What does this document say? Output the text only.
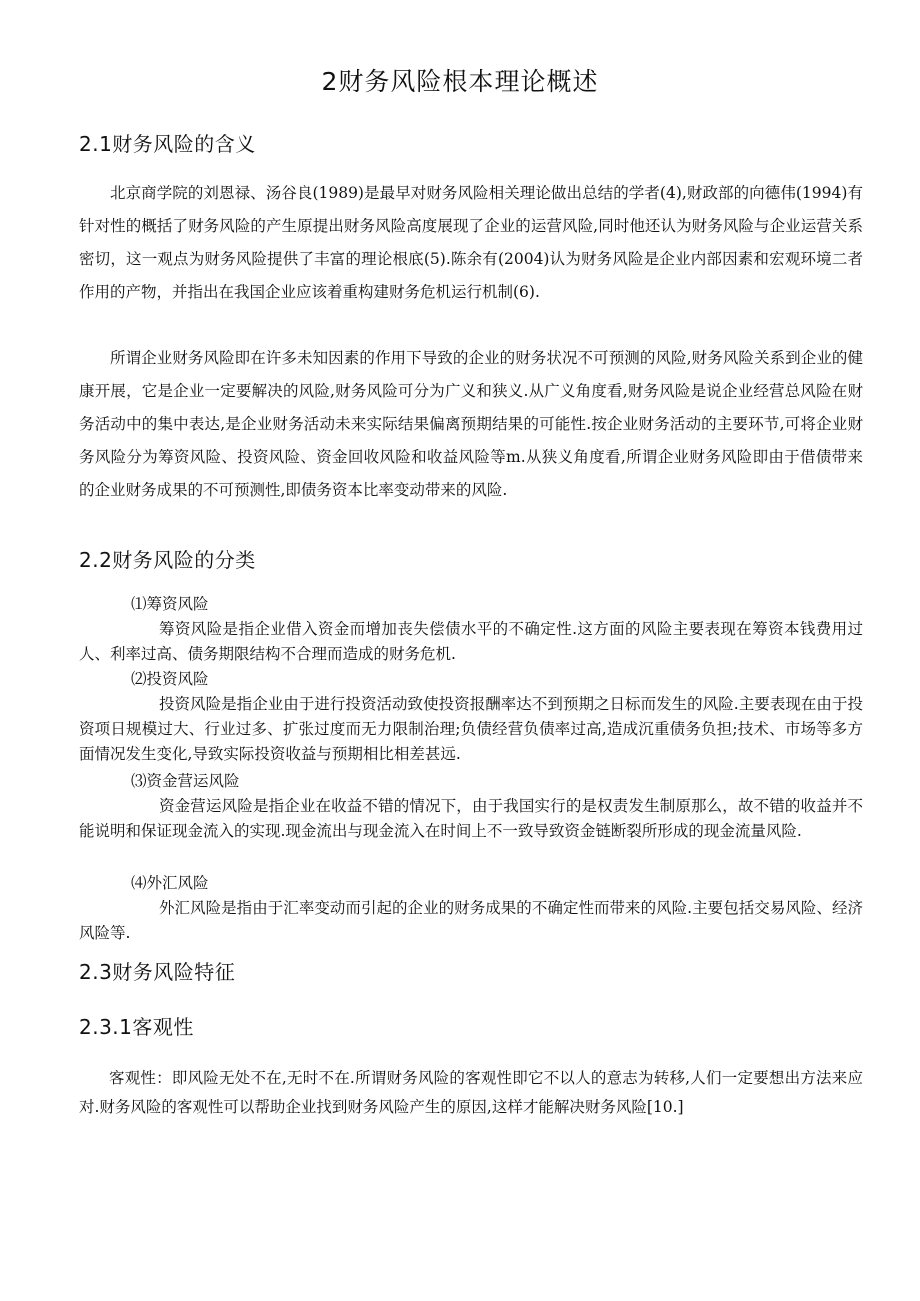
2财务风险根本理论概述
2.1财务风险的含义

北京商学院的刘恩禄、汤谷良(1989)是最早对财务风险相关理论做出总结的学者(4),财政部的向德伟(1994)有针对性的概括了财务风险的产生原提出财务风险高度展现了企业的运营风险,同时他还认为财务风险与企业运营关系密切，这一观点为财务风险提供了丰富的理论根底(5).陈余有(2004)认为财务风险是企业内部因素和宏观环境二者作用的产物，并指出在我国企业应该着重构建财务危机运行机制(6).

所谓企业财务风险即在许多未知因素的作用下导致的企业的财务状况不可预测的风险,财务风险关系到企业的健康开展，它是企业一定要解决的风险,财务风险可分为广义和狭义.从广义角度看,财务风险是说企业经营总风险在财务活动中的集中表达,是企业财务活动未来实际结果偏离预期结果的可能性.按企业财务活动的主要环节,可将企业财务风险分为筹资风险、投资风险、资金回收风险和收益风险等m.从狭义角度看,所谓企业财务风险即由于借债带来的企业财务成果的不可预测性,即债务资本比率变动带来的风险.

2.2财务风险的分类

⑴筹资风险

筹资风险是指企业借入资金而增加丧失偿债水平的不确定性.这方面的风险主要表现在筹资本钱费用过人、利率过高、债务期限结构不合理而造成的财务危机.

⑵投资风险

投资风险是指企业由于进行投资活动致使投资报酬率达不到预期之日标而发生的风险.主要表现在由于投资项日规模过大、行业过多、扩张过度而无力限制治理;负债经营负债率过高,造成沉重债务负担;技术、市场等多方面情况发生变化,导致实际投资收益与预期相比相差甚远.

⑶资金营运风险

资金营运风险是指企业在收益不错的情况下，由于我国实行的是权责发生制原那么，故不错的收益并不能说明和保证现金流入的实现.现金流出与现金流入在时间上不一致导致资金链断裂所形成的现金流量风险.

⑷外汇风险

外汇风险是指由于汇率变动而引起的企业的财务成果的不确定性而带来的风险.主要包括交易风险、经济风险等.

2.3财务风险特征
2.3.1客观性

客观性：即风险无处不在,无时不在.所谓财务风险的客观性即它不以人的意志为转移,人们一定要想出方法来应对.财务风险的客观性可以帮助企业找到财务风险产生的原因,这样才能解决财务风险[10.]
